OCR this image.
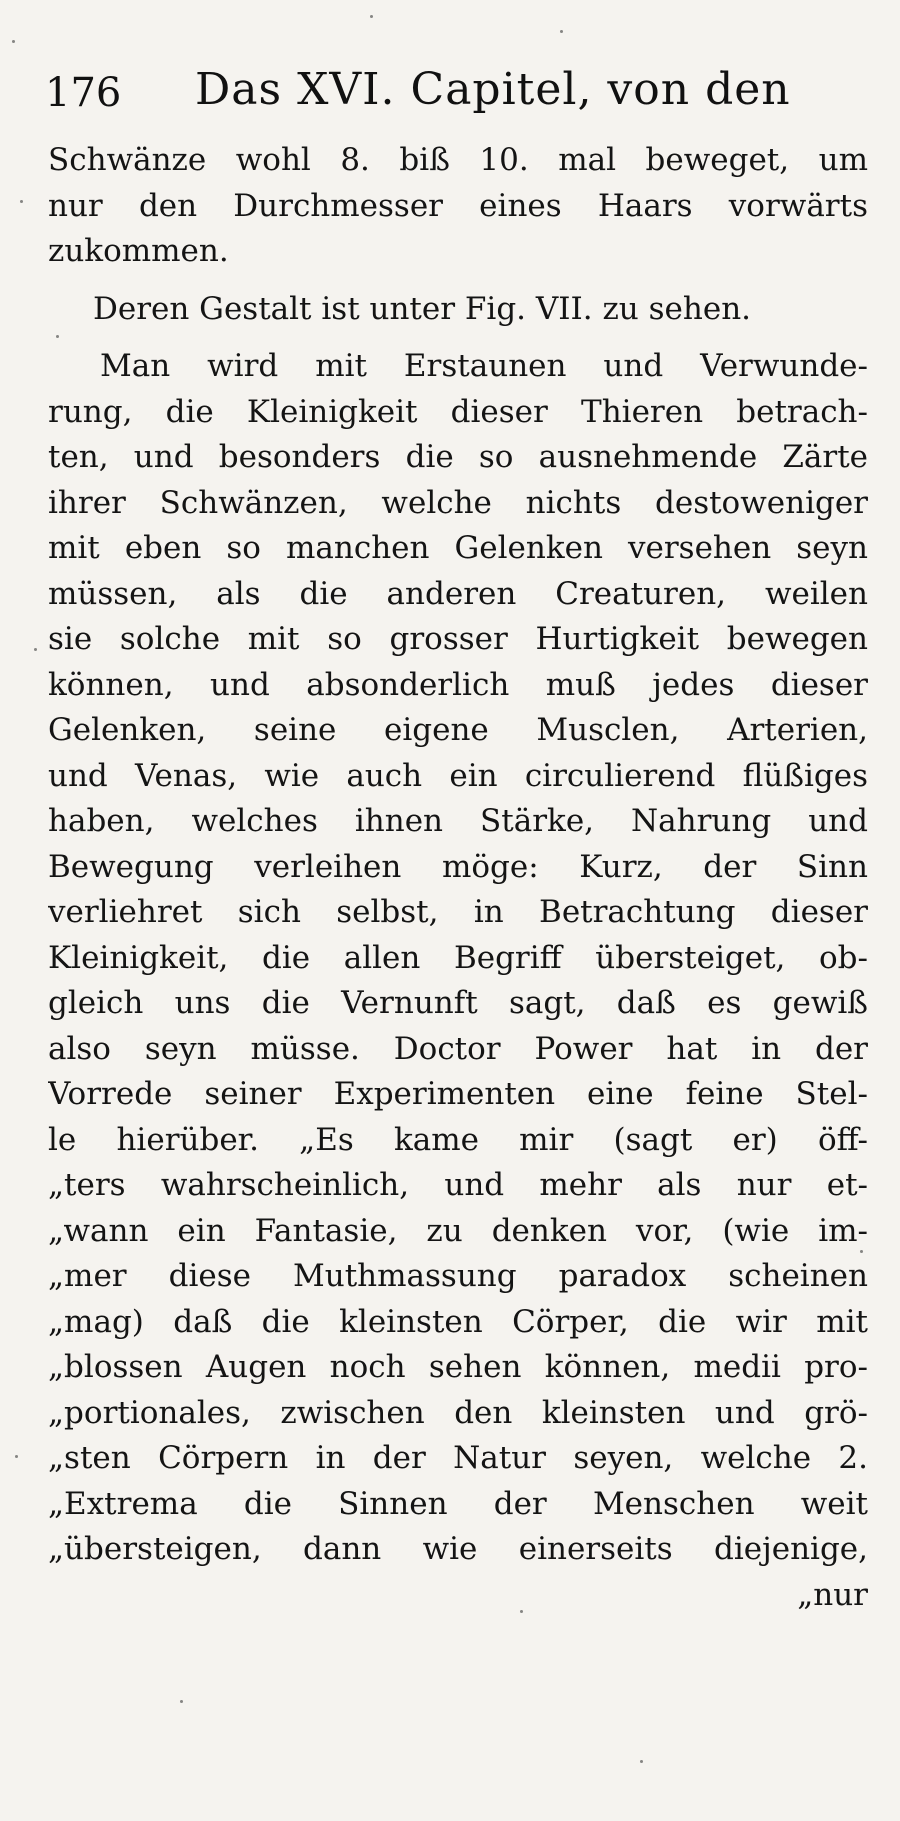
176 Das XVI. Capitel, von den
Schwänze wohl 8. biß 10. mal beweget, um
nur den Durchmesser eines Haars vorwärts
zukommen.
Deren Gestalt ist unter Fig. VII. zu sehen.
Man wird mit Erstaunen und Verwunde-
rung, die Kleinigkeit dieser Thieren betrach-
ten, und besonders die so ausnehmende Zärte
ihrer Schwänzen, welche nichts destoweniger
mit eben so manchen Gelenken versehen seyn
müssen, als die anderen Creaturen, weilen
sie solche mit so grosser Hurtigkeit bewegen
können, und absonderlich muß jedes dieser
Gelenken, seine eigene Musclen, Arterien,
und Venas, wie auch ein circulierend flüßiges
haben, welches ihnen Stärke, Nahrung und
Bewegung verleihen möge: Kurz, der Sinn
verliehret sich selbst, in Betrachtung dieser
Kleinigkeit, die allen Begriff übersteiget, ob-
gleich uns die Vernunft sagt, daß es gewiß
also seyn müsse. Doctor Power hat in der
Vorrede seiner Experimenten eine feine Stel-
le hierüber. „Es kame mir (sagt er) öff-
„ters wahrscheinlich, und mehr als nur et-
„wann ein Fantasie, zu denken vor, (wie im-
„mer diese Muthmassung paradox scheinen
„mag) daß die kleinsten Cörper, die wir mit
„blossen Augen noch sehen können, medii pro-
„portionales, zwischen den kleinsten und grö-
„sten Cörpern in der Natur seyen, welche 2.
„Extrema die Sinnen der Menschen weit
„übersteigen, dann wie einerseits diejenige,
„nur
